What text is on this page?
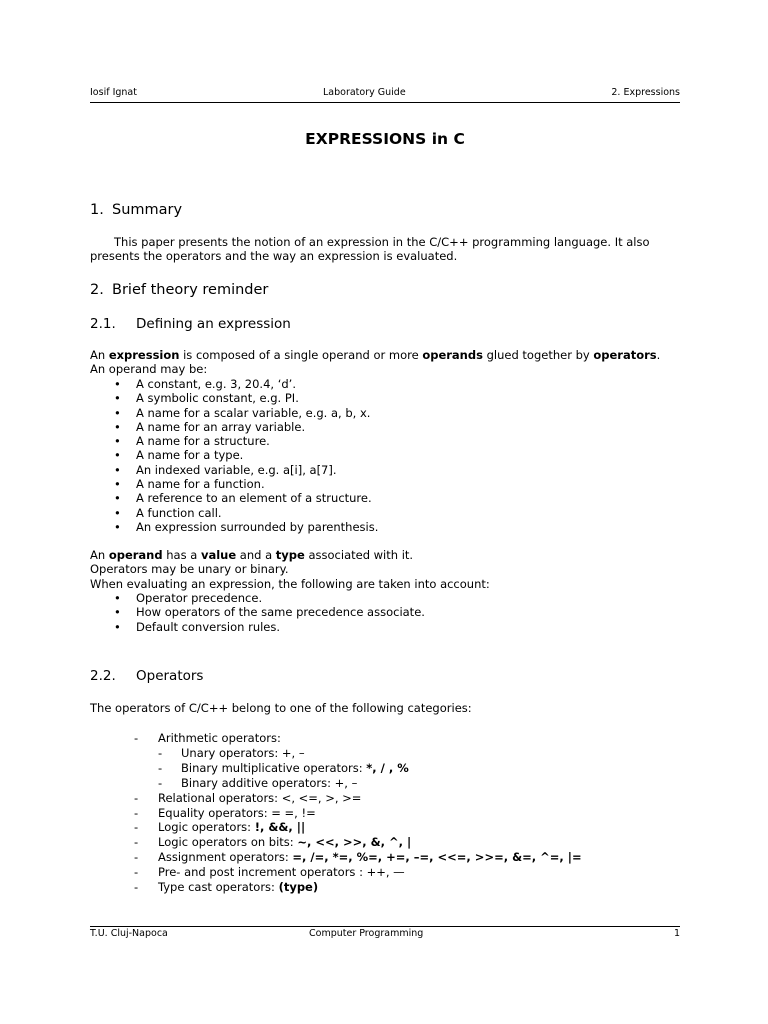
Iosif Ignat	Laboratory Guide	2. Expressions
EXPRESSIONS in C
1. Summary
This paper presents the notion of an expression in the C/C++ programming language. It also presents the operators and the way an expression is evaluated.
2. Brief theory reminder
2.1. Defining an expression
An expression is composed of a single operand or more operands glued together by operators.
An operand may be:
• A constant, e.g. 3, 20.4, ‘d’.
• A symbolic constant, e.g. PI.
• A name for a scalar variable, e.g. a, b, x.
• A name for an array variable.
• A name for a structure.
• A name for a type.
• An indexed variable, e.g. a[i], a[7].
• A name for a function.
• A reference to an element of a structure.
• A function call.
• An expression surrounded by parenthesis.
An operand has a value and a type associated with it.
Operators may be unary or binary.
When evaluating an expression, the following are taken into account:
• Operator precedence.
• How operators of the same precedence associate.
• Default conversion rules.
2.2. Operators
The operators of C/C++ belong to one of the following categories:
- Arithmetic operators:
- Unary operators: +, –
- Binary multiplicative operators: *, / , %
- Binary additive operators: +, –
- Relational operators: <, <=, >, >=
- Equality operators: = =, !=
- Logic operators: !, &&, ||
- Logic operators on bits: ~, <<, >>, &, ^, |
- Assignment operators: =, /=, *=, %=, +=, –=, <<=, >>=, &=, ^=, |=
- Pre- and post increment operators : ++, —
- Type cast operators: (type)
T.U. Cluj-Napoca	Computer Programming	1
